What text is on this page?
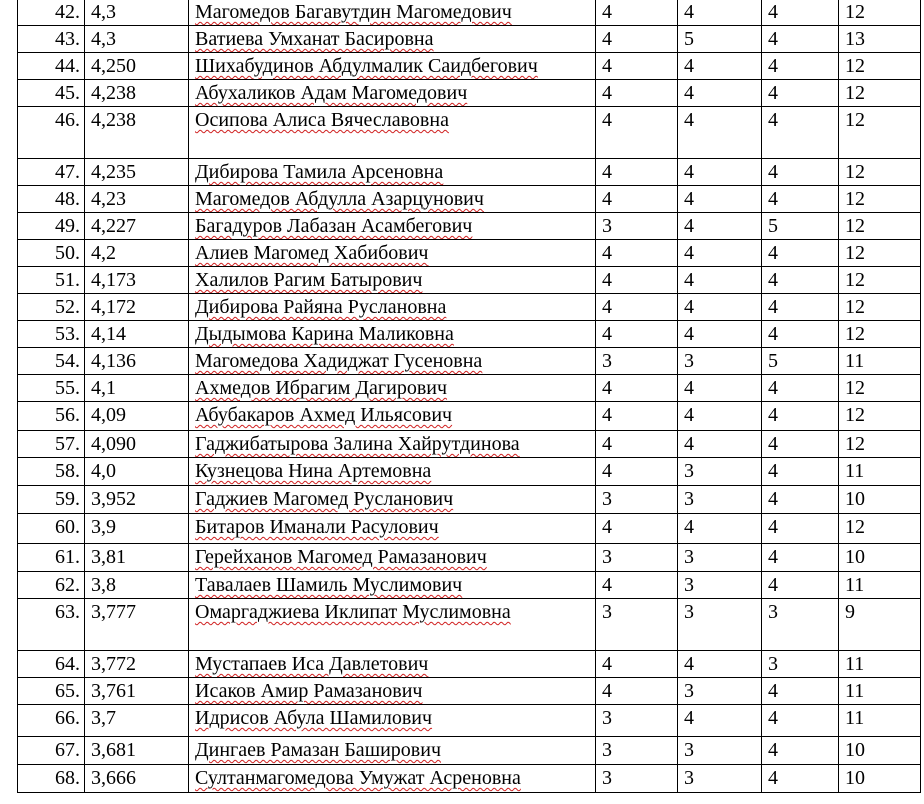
42.	4,3	Магомедов Багавутдин Магомедович	4	4	4	12
43.	4,3	Ватиева Умханат Басировна	4	5	4	13
44.	4,250	Шихабудинов Абдулмалик Саидбегович	4	4	4	12
45.	4,238	Абухаликов Адам Магомедович	4	4	4	12
46.	4,238	Осипова Алиса Вячеславовна	4	4	4	12
47.	4,235	Дибирова Тамила Арсеновна	4	4	4	12
48.	4,23	Магомедов Абдулла Азарцунович	4	4	4	12
49.	4,227	Багадуров Лабазан Асамбегович	3	4	5	12
50.	4,2	Алиев Магомед Хабибович	4	4	4	12
51.	4,173	Халилов Рагим Батырович	4	4	4	12
52.	4,172	Дибирова Райяна Руслановна	4	4	4	12
53.	4,14	Дыдымова Карина Маликовна	4	4	4	12
54.	4,136	Магомедова Хадиджат Гусеновна	3	3	5	11
55.	4,1	Ахмедов Ибрагим Дагирович	4	4	4	12
56.	4,09	Абубакаров Ахмед Ильясович	4	4	4	12
57.	4,090	Гаджибатырова Залина Хайрутдинова	4	4	4	12
58.	4,0	Кузнецова Нина Артемовна	4	3	4	11
59.	3,952	Гаджиев Магомед Русланович	3	3	4	10
60.	3,9	Битаров Иманали Расулович	4	4	4	12
61.	3,81	Герейханов Магомед Рамазанович	3	3	4	10
62.	3,8	Тавалаев Шамиль Муслимович	4	3	4	11
63.	3,777	Омаргаджиева Иклипат Муслимовна	3	3	3	9
64.	3,772	Мустапаев Иса Давлетович	4	4	3	11
65.	3,761	Исаков Амир Рамазанович	4	3	4	11
66.	3,7	Идрисов Абула Шамилович	3	4	4	11
67.	3,681	Дингаев Рамазан Баширович	3	3	4	10
68.	3,666	Султанмагомедова Умужат Асреновна	3	3	4	10
